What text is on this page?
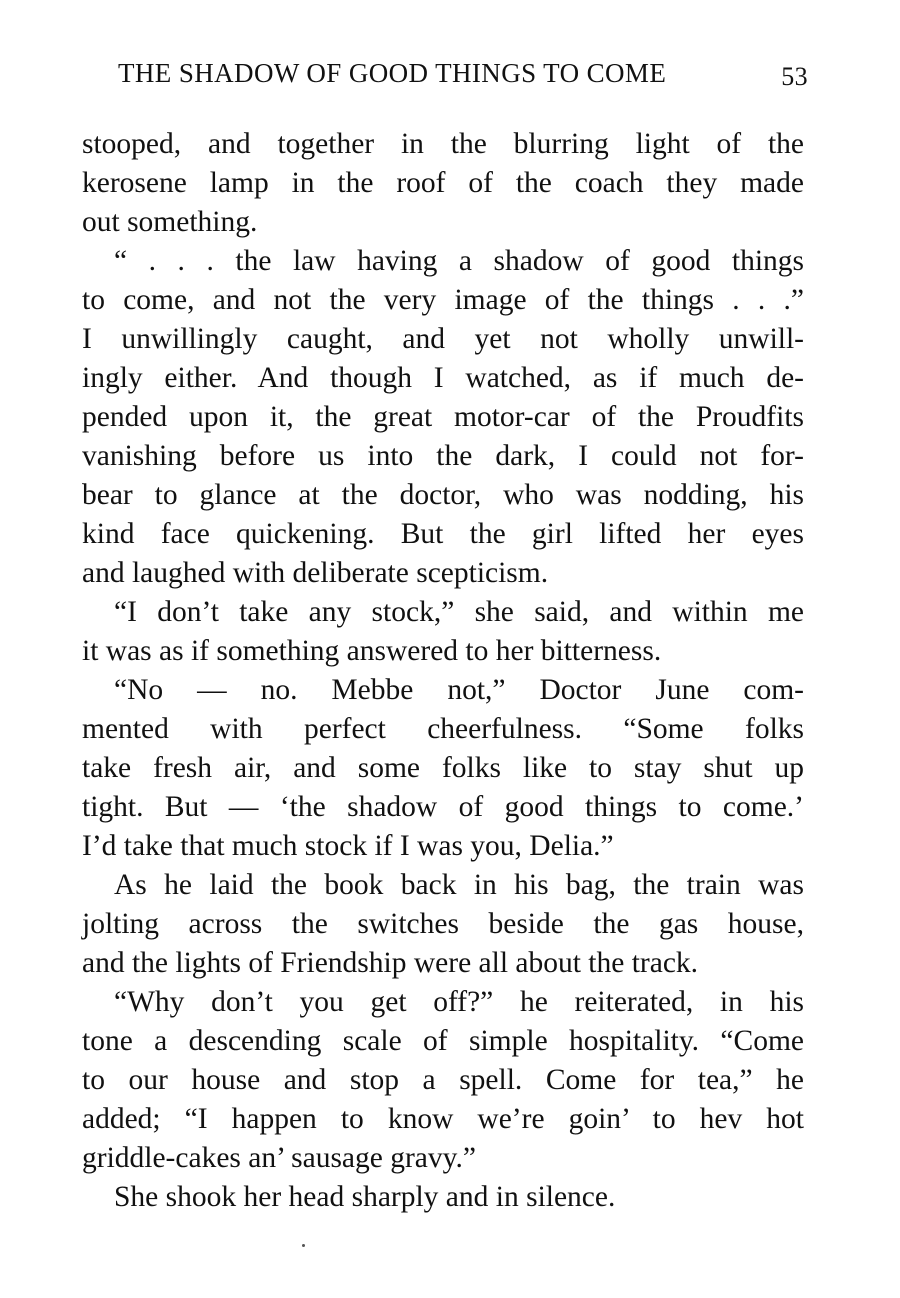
THE SHADOW OF GOOD THINGS TO COME	53
stooped, and together in the blurring light of the
kerosene lamp in the roof of the coach they made
out something.
“ . . . the law having a shadow of good things
to come, and not the very image of the things . . .”
I unwillingly caught, and yet not wholly unwill-
ingly either. And though I watched, as if much de-
pended upon it, the great motor-car of the Proudfits
vanishing before us into the dark, I could not for-
bear to glance at the doctor, who was nodding, his
kind face quickening. But the girl lifted her eyes
and laughed with deliberate scepticism.
“I don’t take any stock,” she said, and within me
it was as if something answered to her bitterness.
“No — no. Mebbe not,” Doctor June com-
mented with perfect cheerfulness. “Some folks
take fresh air, and some folks like to stay shut up
tight. But — ‘the shadow of good things to come.’
I’d take that much stock if I was you, Delia.”
As he laid the book back in his bag, the train was
jolting across the switches beside the gas house,
and the lights of Friendship were all about the track.
“Why don’t you get off?” he reiterated, in his
tone a descending scale of simple hospitality. “Come
to our house and stop a spell. Come for tea,” he
added; “I happen to know we’re goin’ to hev hot
griddle-cakes an’ sausage gravy.”
She shook her head sharply and in silence.
